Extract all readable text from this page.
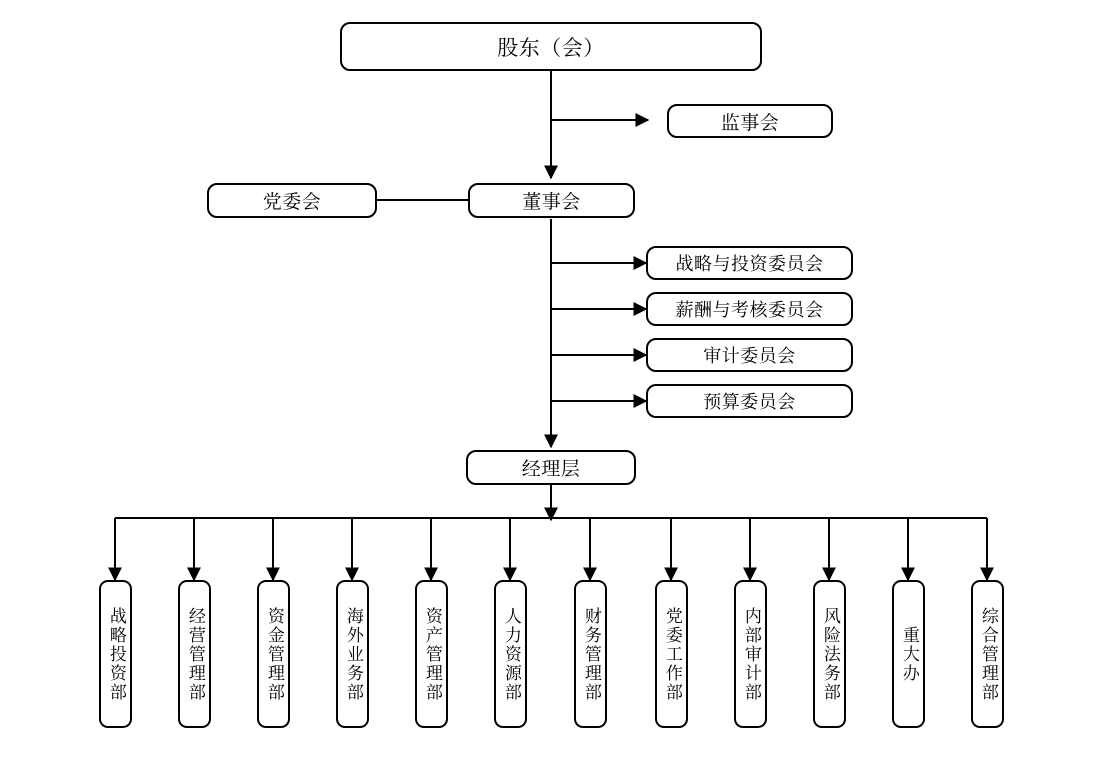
股东（会）
监事会
党委会	董事会
战略与投资委员会
薪酬与考核委员会
审计委员会
预算委员会
经理层
战略投资部	经营管理部	资金管理部	海外业务部	资产管理部	人力资源部	财务管理部	党委工作部	内部审计部	风险法务部	重大办	综合管理部
